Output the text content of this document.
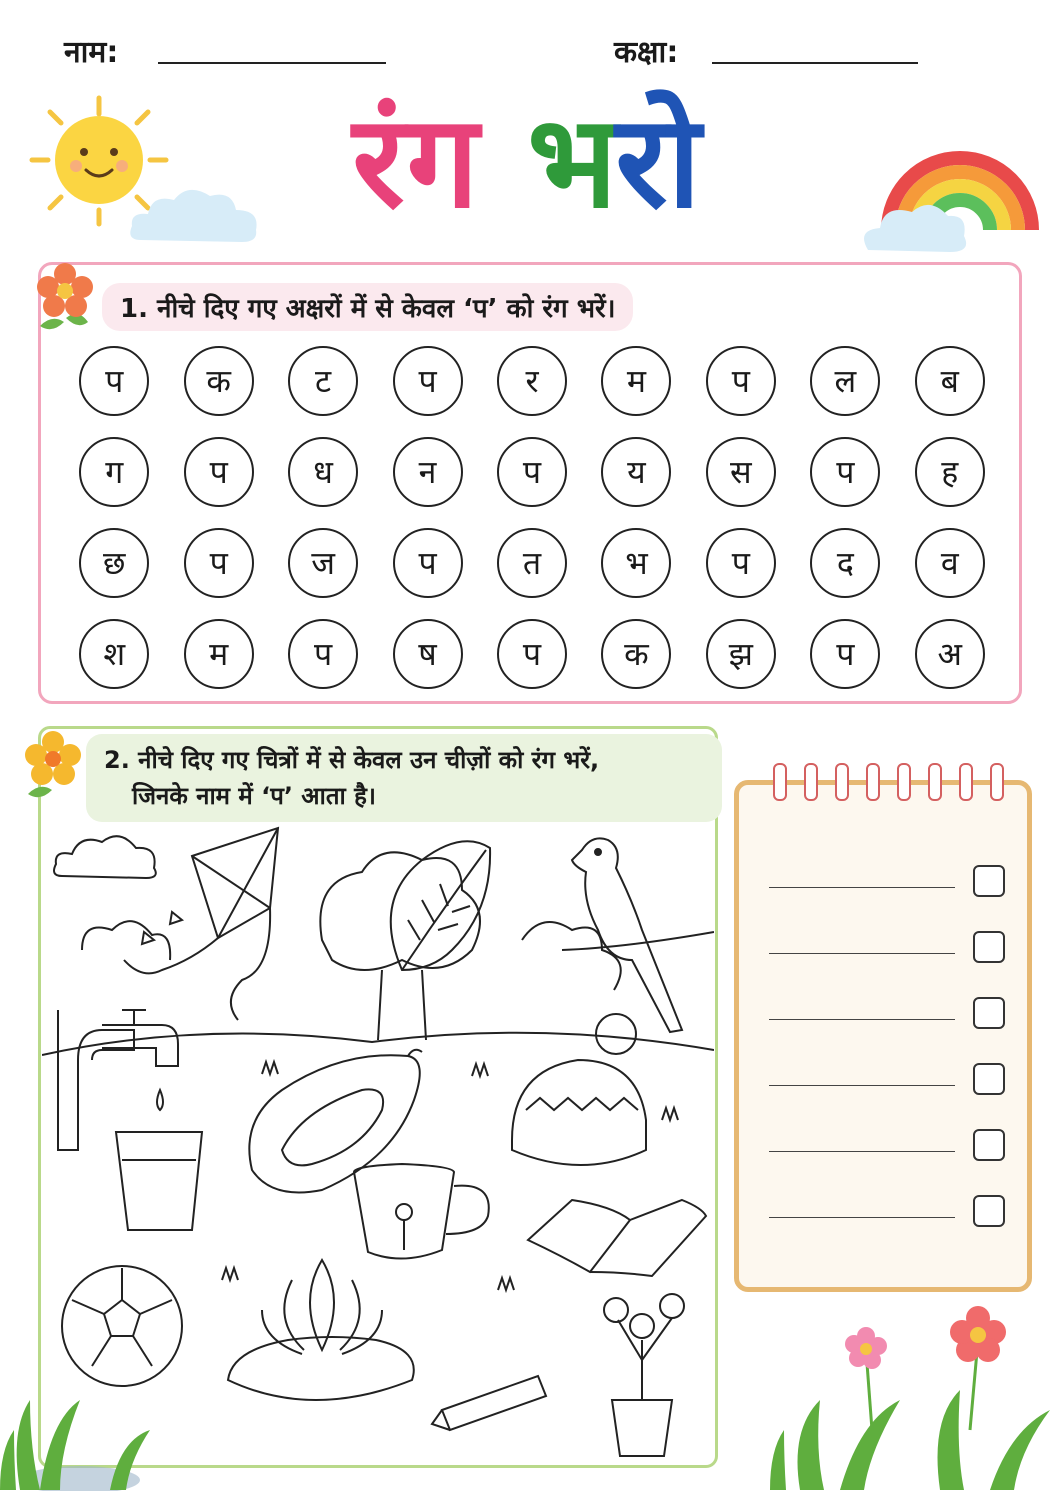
नाम:	कक्षा:
रंग भरो
1. नीचे दिए गए अक्षरों में से केवल ‘प’ को रंग भरें।
प	क	ट	प	र	म	प	ल	ब
ग	प	ध	न	प	य	स	प	ह
छ	प	ज	प	त	भ	प	द	व
श	म	प	ष	प	क	झ	प	अ
2. नीचे दिए गए चित्रों में से केवल उन चीज़ों को रंग भरें,
जिनके नाम में ‘प’ आता है।
